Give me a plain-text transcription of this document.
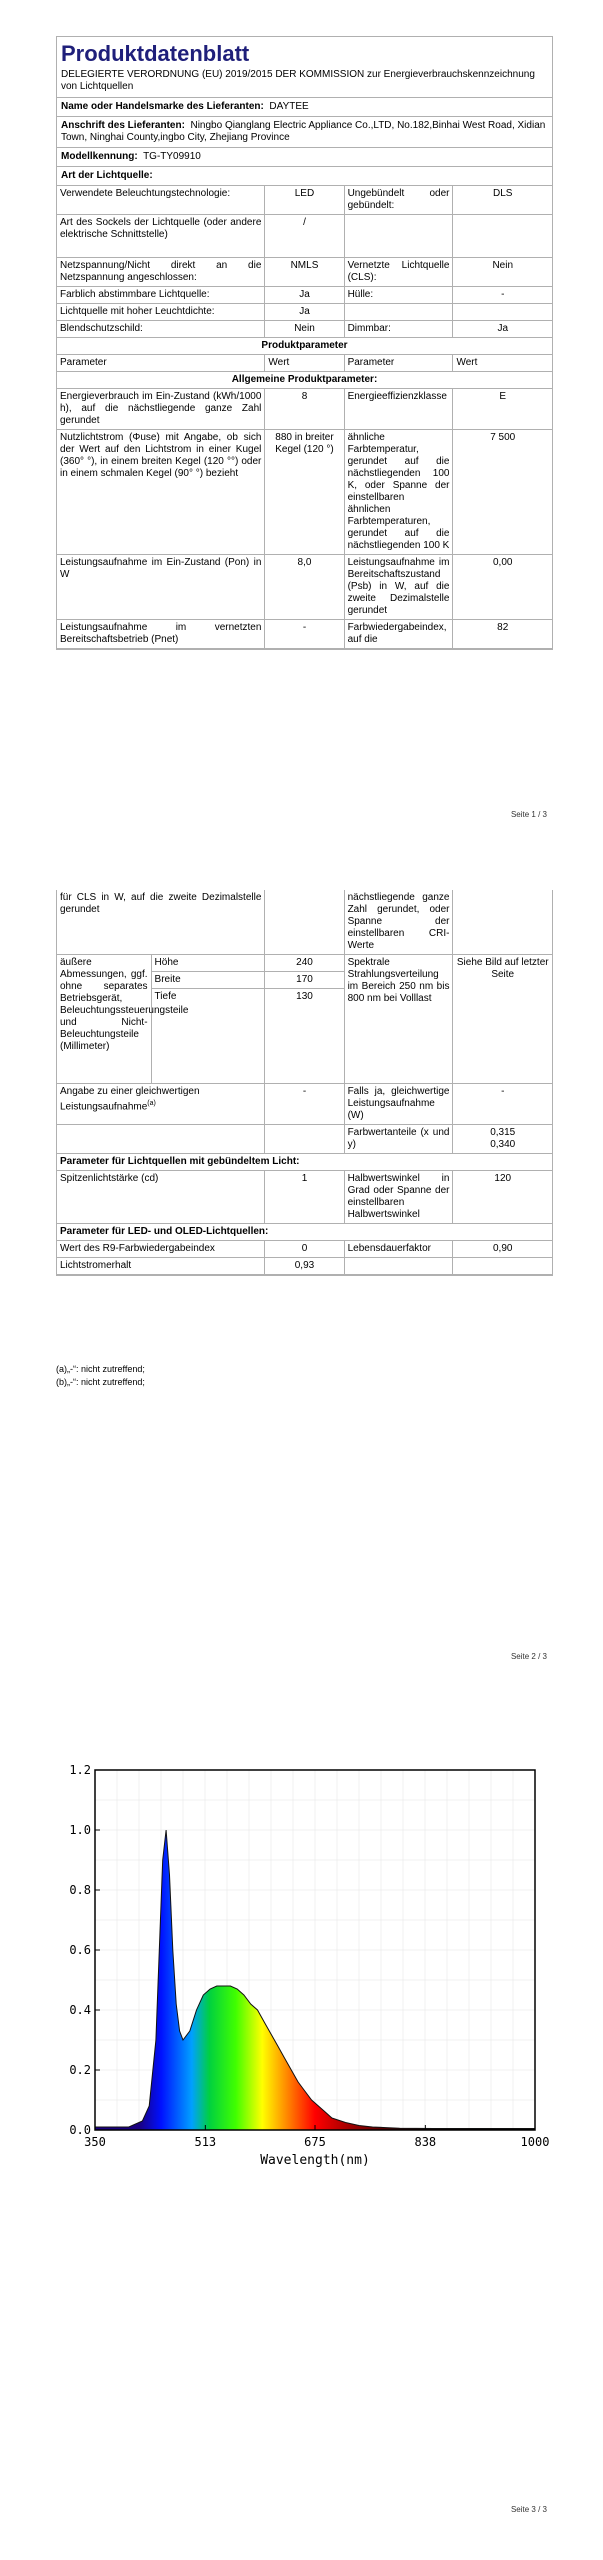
Produktdatenblatt
DELEGIERTE VERORDNUNG (EU) 2019/2015 DER KOMMISSION zur Energieverbrauchskennzeichnung von Lichtquellen
Name oder Handelsmarke des Lieferanten: DAYTEE
Anschrift des Lieferanten: Ningbo Qianglang Electric Appliance Co.,LTD, No.182,Binhai West Road, Xidian Town, Ninghai County,ingbo City, Zhejiang Province
Modellkennung: TG-TY09910
Art der Lichtquelle:
Verwendete Beleuchtungstechnologie:	LED	Ungebündelt oder gebündelt:	DLS
Art des Sockels der Lichtquelle (oder andere elektrische Schnittstelle)	/		
Netzspannung/Nicht direkt an die Netzspannung angeschlossen:	NMLS	Vernetzte Lichtquelle (CLS):	Nein
Farblich abstimmbare Lichtquelle:	Ja	Hülle:	-
Lichtquelle mit hoher Leuchtdichte:	Ja		
Blendschutzschild:	Nein	Dimmbar:	Ja
Produktparameter			
Parameter	Wert	Parameter	Wert
Allgemeine Produktparameter:			
Energieverbrauch im Ein-Zustand (kWh/1000 h), auf die nächstliegende ganze Zahl gerundet	8	Energieeffizienzklasse	E
Nutzlichtstrom (Φuse) mit Angabe, ob sich der Wert auf den Lichtstrom in einer Kugel (360° °), in einem breiten Kegel (120 °°) oder in einem schmalen Kegel (90° °) bezieht	880 in breiter Kegel (120 °)	ähnliche Farbtemperatur, gerundet auf die nächstliegenden 100 K, oder Spanne der einstellbaren ähnlichen Farbtemperaturen, gerundet auf die nächstliegenden 100 K	7 500
Leistungsaufnahme im Ein-Zustand (Pon) in W	8,0	Leistungsaufnahme im Bereitschaftszustand (Psb) in W, auf die zweite Dezimalstelle gerundet	0,00
Leistungsaufnahme im vernetzten Bereitschaftsbetrieb (Pnet)	-	Farbwiedergabeindex, auf die	82
Seite 1 / 3
für CLS in W, auf die zweite Dezimalstelle gerundet			nächstliegende ganze Zahl gerundet, oder Spanne der einstellbaren CRI-Werte	
äußere Abmessungen, ggf. ohne separates Betriebsgerät, Beleuchtungssteuerungsteile und Nicht-Beleuchtungsteile (Millimeter)	Höhe	240	Spektrale Strahlungsverteilung im Bereich 250 nm bis 800 nm bei Volllast	Siehe Bild auf letzter Seite
	Breite	170		
	Tiefe	130		
Angabe zu einer gleichwertigen Leistungsaufnahme$^{(a)}$		-	Falls ja, gleichwertige Leistungsaufnahme (W)	-
			Farbwertanteile (x und y)	0,315
0,340
Parameter für Lichtquellen mit gebündeltem Licht:				
Spitzenlichtstärke (cd)		1	Halbwertswinkel in Grad oder Spanne der einstellbaren Halbwertswinkel	120
Parameter für LED- und OLED-Lichtquellen:				
Wert des R9-Farbwiedergabeindex		0	Lebensdauerfaktor	0,90
Lichtstromerhalt		0,93		
(a)„-“: nicht zutreffend;
(b)„-“: nicht zutreffend;
Seite 2 / 3
0.0
0.2
0.4
0.6
0.8
1.0
1.2
350	513	675	838	1000
Wavelength(nm)
Seite 3 / 3
